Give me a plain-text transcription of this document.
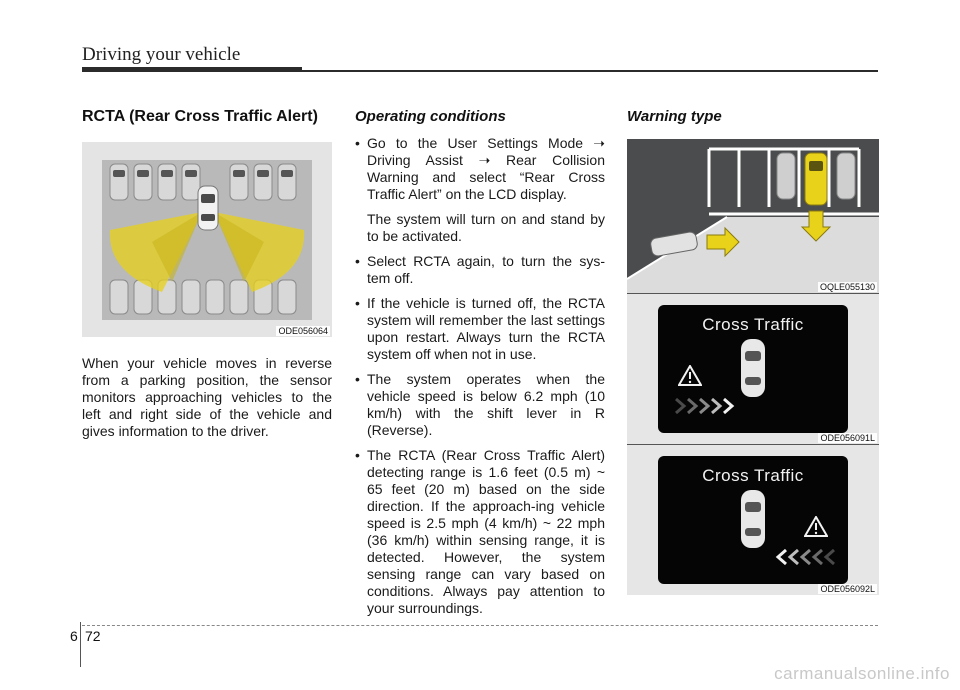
Driving your vehicle
RCTA (Rear Cross Traffic Alert)
ODE056064

When your vehicle moves in reverse from a parking position, the sensor monitors approaching vehicles to the left and right side of the vehicle and gives information to the driver.

Operating conditions
• Go to the User Settings Mode ➝ Driving Assist ➝ Rear Collision Warning and select “Rear Cross Traffic Alert” on the LCD display.
The system will turn on and stand by to be activated.
• Select RCTA again, to turn the sys-tem off.
• If the vehicle is turned off, the RCTA system will remember the last settings upon restart. Always turn the RCTA system off when not in use.
• The system operates when the vehicle speed is below 6.2 mph (10 km/h) with the shift lever in R (Reverse).
• The RCTA (Rear Cross Traffic Alert) detecting range is 1.6 feet (0.5 m) ~ 65 feet (20 m) based on the side direction. If the approach-ing vehicle speed is 2.5 mph (4 km/h) ~ 22 mph (36 km/h) within sensing range, it is detected. However, the system sensing range can vary based on conditions. Always pay attention to your surroundings.
Warning type
OQLE055130
Cross Traffic
ODE056091L
Cross Traffic
ODE056092L
6 72
carmanualsonline.info
